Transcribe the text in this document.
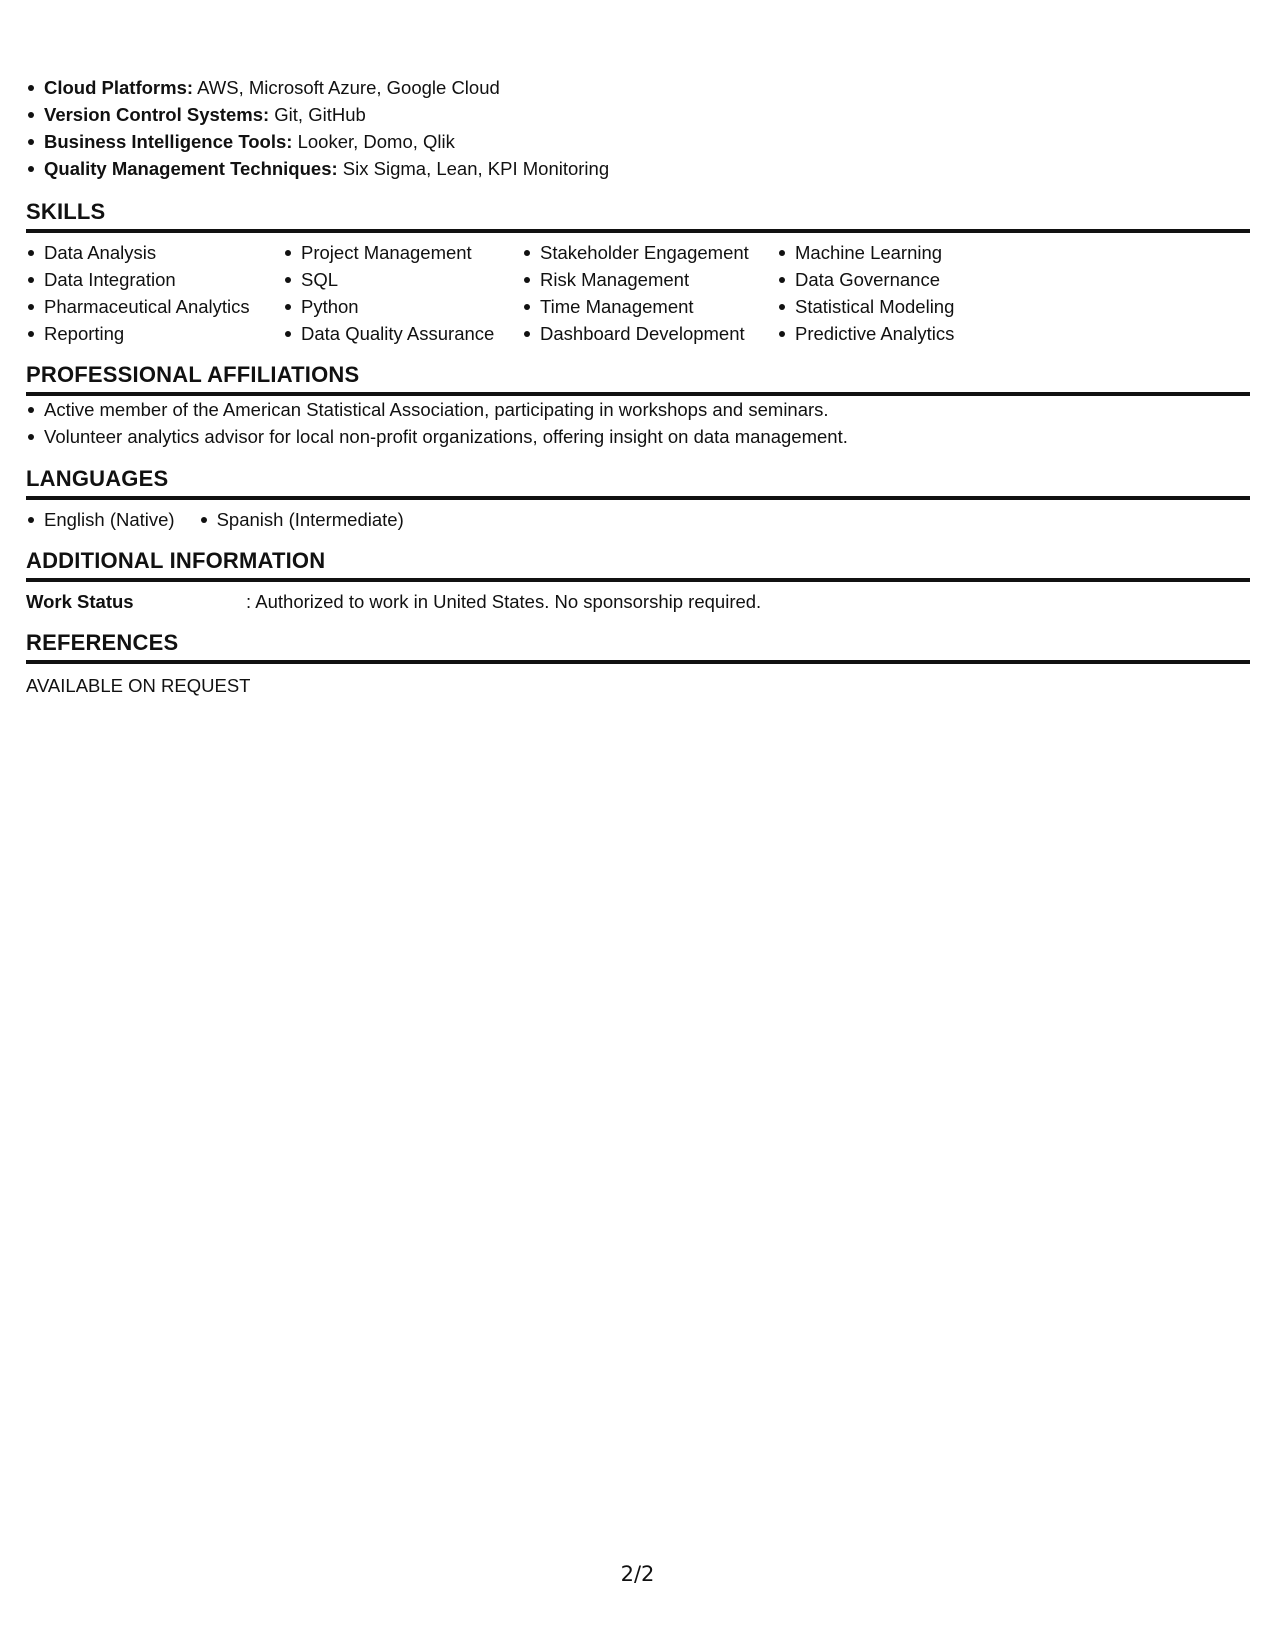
Cloud Platforms: AWS, Microsoft Azure, Google Cloud
Version Control Systems: Git, GitHub
Business Intelligence Tools: Looker, Domo, Qlik
Quality Management Techniques: Six Sigma, Lean, KPI Monitoring
SKILLS
Data Analysis
Data Integration
Pharmaceutical Analytics
Reporting
Project Management
SQL
Python
Data Quality Assurance
Stakeholder Engagement
Risk Management
Time Management
Dashboard Development
Machine Learning
Data Governance
Statistical Modeling
Predictive Analytics
PROFESSIONAL AFFILIATIONS
Active member of the American Statistical Association, participating in workshops and seminars.
Volunteer analytics advisor for local non-profit organizations, offering insight on data management.
LANGUAGES
English (Native)	Spanish (Intermediate)
ADDITIONAL INFORMATION
Work Status	: Authorized to work in United States. No sponsorship required.
REFERENCES
AVAILABLE ON REQUEST
2/2
